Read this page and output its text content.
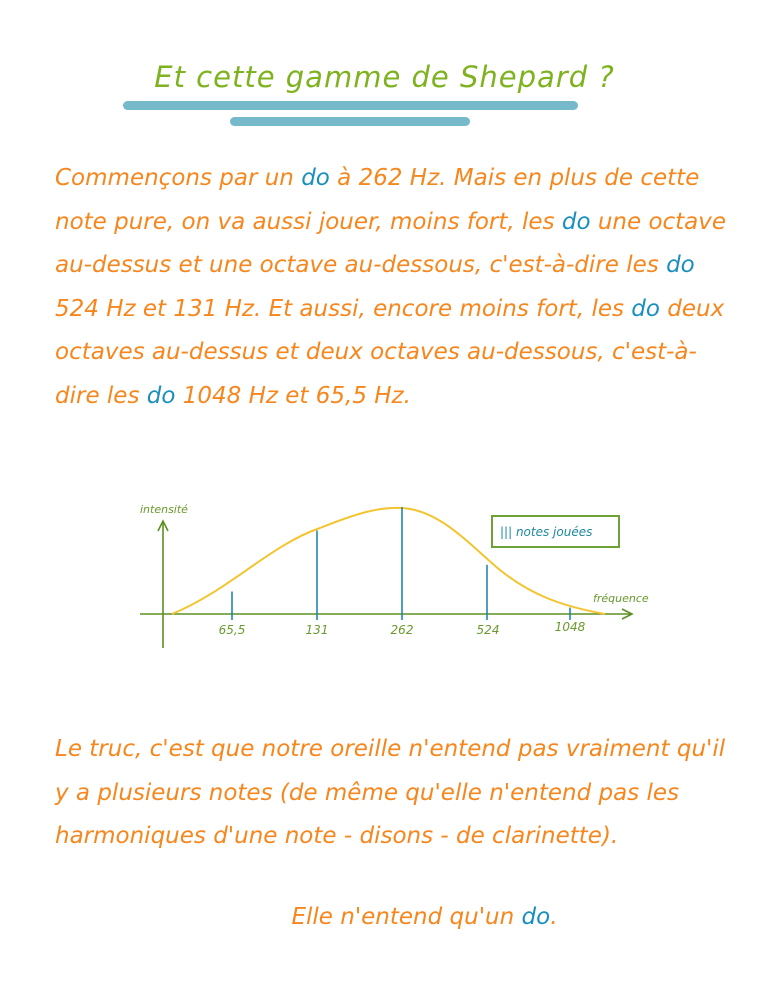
Et cette gamme de Shepard ?

Commençons par un do à 262 Hz. Mais en plus de cette note pure, on va aussi jouer, moins fort, les do une octave au-dessus et une octave au-dessous, c'est-à-dire les do 524 Hz et 131 Hz. Et aussi, encore moins fort, les do deux octaves au-dessus et deux octaves au-dessous, c'est-à-dire les do 1048 Hz et 65,5 Hz.

intensité
fréquence
||| notes jouées
65,5	131	262	524	1048

Le truc, c'est que notre oreille n'entend pas vraiment qu'il y a plusieurs notes (de même qu'elle n'entend pas les harmoniques d'une note - disons - de clarinette).

Elle n'entend qu'un do.
